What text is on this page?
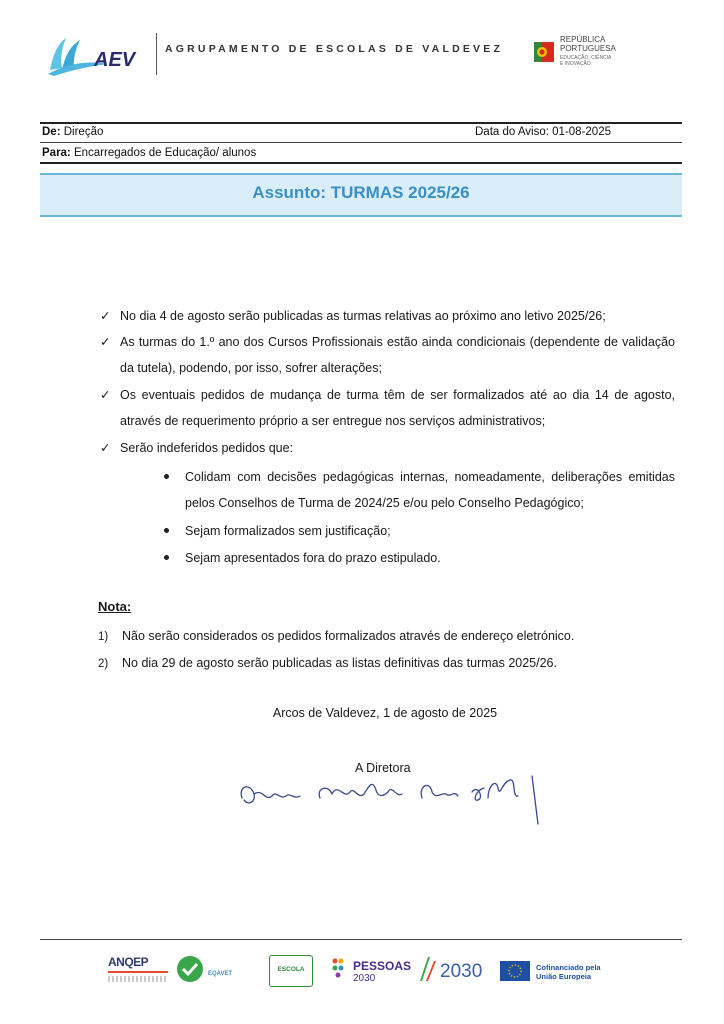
AEV	AGRUPAMENTO DE ESCOLAS DE VALDEVEZ
REPÚBLICA
PORTUGUESA
EDUCAÇÃO, CIÊNCIA
E INOVAÇÃO
De: Direção	Data do Aviso: 01-08-2025
Para: Encarregados de Educação/ alunos
Assunto: TURMAS 2025/26
✓ No dia 4 de agosto serão publicadas as turmas relativas ao próximo ano letivo 2025/26;
✓ As turmas do 1.º ano dos Cursos Profissionais estão ainda condicionais (dependente de validação da tutela), podendo, por isso, sofrer alterações;
✓ Os eventuais pedidos de mudança de turma têm de ser formalizados até ao dia 14 de agosto, através de requerimento próprio a ser entregue nos serviços administrativos;
✓ Serão indeferidos pedidos que:
Colidam com decisões pedagógicas internas, nomeadamente, deliberações emitidas pelos Conselhos de Turma de 2024/25 e/ou pelo Conselho Pedagógico;
Sejam formalizados sem justificação;
Sejam apresentados fora do prazo estipulado.
Nota:
1) Não serão considerados os pedidos formalizados através de endereço eletrónico.
2) No dia 29 de agosto serão publicadas as listas definitivas das turmas 2025/26.
Arcos de Valdevez, 1 de agosto de 2025
A Diretora
ANQEP
EQAVET
ESCOLA	PESSOAS
2030	2030	Cofinanciado pela
União Europeia
